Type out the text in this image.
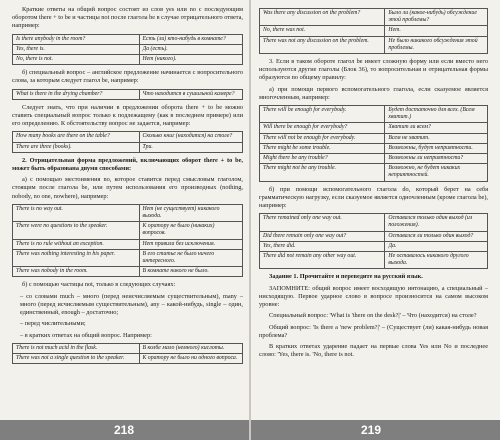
Краткие ответы на общий вопрос состоят из слов yes или no с последующим оборотом there + to be и частицы not после глагола be в случае отрицательного ответа, например:

Is there anybody in the room?	Есть (ли) кто-нибудь в комнате?
Yes, there is.	Да (есть).
No, there is not.	Нет (никого).

б) специальный вопрос – английское предложение начинается с вопросительного слова, за которым следует глагол be, например:

What is there in the drying chamber?	Что находится в сушильной камере?

Следует знать, что при наличии в предложении оборота there + to be можно ставить специальный вопрос только к подлежащему (как в последнем примере) или его определению. К обстоятельству вопрос не задается, например:

How many books are there on the table?	Сколько книг (находится) на столе?
There are three (books).	Три.

2. Отрицательная форма предложений, включающих оборот there + to be, может быть образована двумя способами:

а) с помощью местоимения no, которое ставится перед смысловым глаголом, стоящим после глагола be, или путем использования его производных (nothing, nobody, no one, nowhere), например:

There is no way out.	Нет (не существует) никакого выхода.
There were no questions to the speaker.	К оратору не было (никаких) вопросов.
There is no rule without an exception.	Нет правила без исключения.
There was nothing interesting in his paper.	В его статье не было ничего интересного.
There was nobody in the room.	В комнате никого не было.

б) с помощью частицы not, только в следующих случаях:

– со словами much – много (перед неисчисляемым существительным), many – много (перед исчисляемым существительным), any – какой-нибудь, single – один, единственный, enough – достаточно;

– перед числительными;

– в кратких ответах на общий вопрос. Например:

There is not much acid in the flask.	В колбе мало (немного) кислоты.
There was not a single question to the speaker.	К оратору не было ни одного вопроса.
218
Was there any discussion on the problem?	Было ли (какое-нибудь) обсуждение этой проблемы?
No, there was not.	Нет.
There was not any discussion on the problem.	Не было никакого обсуждения этой проблемы.

3. Если в таком обороте глагол be имеет сложную форму или если вместо него используются другие глаголы (Блок 36), то вопросительная и отрицательная формы образуются по общему правилу:

а) при помощи первого вспомогательного глагола, если сказуемое является многочленным, например:

There will be enough for everybody.	Будет достаточно для всех. (Всем хватит.)
Will there be enough for everybody?	Хватит ли всем?
There will not be enough for everybody.	Всем не хватит.
There might be some trouble.	Возможны, будут неприятности.
Might there be any trouble?	Возможны ли неприятности?
There might not be any trouble.	Возможно, не будет никаких неприятностей.

б) при помощи вспомогательного глагола do, который берет на себя грамматическую нагрузку, если сказуемое является одночленным (кроме глагола be), например:

There remained only one way out.	Оставался только один выход (из положения).
Did there remain only one way out?	Оставался ли только один выход?
Yes, there did.	Да.
There did not remain any other way out.	Не оставалось никакого другого выхода.

Задание 1. Прочитайте и переведите на русский язык.

ЗАПОМНИТЕ: общий вопрос имеет восходящую интонацию, а специальный – нисходящую. Первое ударное слово в вопросе произносится на самом высоком уровне:

Специальный вопрос: 'What is 'there on the desk?|' – Что (находится) на столе?

Общий вопрос: 'Is there a 'new problem?|' – (Существует (ли) какая-нибудь новая проблема?

В кратких ответах ударение падает на первые слова Yes или No и последнее слово: 'Yes, there is. 'No, there is not.

219
